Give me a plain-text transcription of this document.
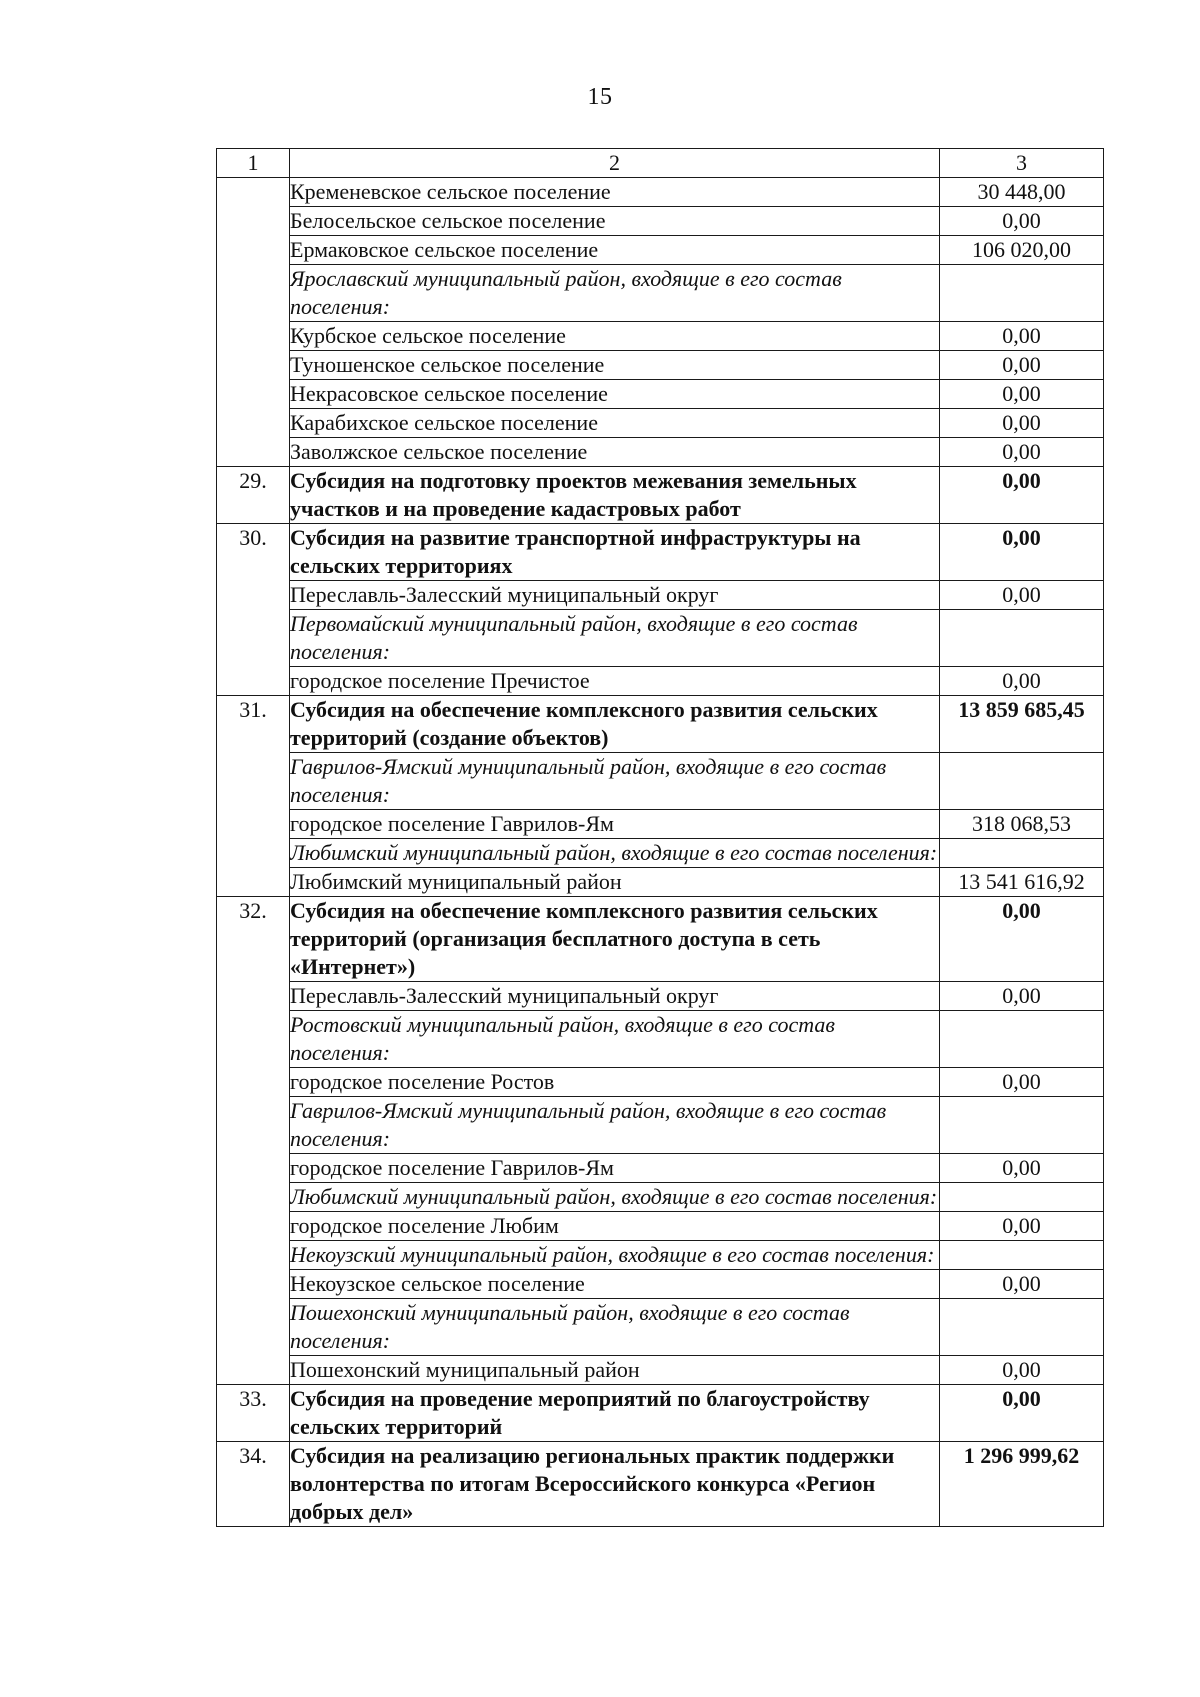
15
1	2	3
	Кременевское сельское поселение	30 448,00
	Белосельское сельское поселение	0,00
	Ермаковское сельское поселение	106 020,00
	Ярославский муниципальный район, входящие в его состав поселения:	
	Курбское сельское поселение	0,00
	Туношенское сельское поселение	0,00
	Некрасовское сельское поселение	0,00
	Карабихское сельское поселение	0,00
	Заволжское сельское поселение	0,00
29.	Субсидия на подготовку проектов межевания земельных участков и на проведение кадастровых работ	0,00
30.	Субсидия на развитие транспортной инфраструктуры на сельских территориях	0,00
	Переславль-Залесский муниципальный округ	0,00
	Первомайский муниципальный район, входящие в его состав поселения:	
	городское поселение Пречистое	0,00
31.	Субсидия на обеспечение комплексного развития сельских территорий (создание объектов)	13 859 685,45
	Гаврилов-Ямский муниципальный район, входящие в его состав поселения:	
	городское поселение Гаврилов-Ям	318 068,53
	Любимский муниципальный район, входящие в его состав поселения:	
	Любимский муниципальный район	13 541 616,92
32.	Субсидия на обеспечение комплексного развития сельских территорий (организация бесплатного доступа в сеть «Интернет»)	0,00
	Переславль-Залесский муниципальный округ	0,00
	Ростовский муниципальный район, входящие в его состав поселения:	
	городское поселение Ростов	0,00
	Гаврилов-Ямский муниципальный район, входящие в его состав поселения:	
	городское поселение Гаврилов-Ям	0,00
	Любимский муниципальный район, входящие в его состав поселения:	
	городское поселение Любим	0,00
	Некоузский муниципальный район, входящие в его состав поселения:	
	Некоузское сельское поселение	0,00
	Пошехонский муниципальный район, входящие в его состав поселения:	
	Пошехонский муниципальный район	0,00
33.	Субсидия на проведение мероприятий по благоустройству сельских территорий	0,00
34.	Субсидия на реализацию региональных практик поддержки волонтерства по итогам Всероссийского конкурса «Регион добрых дел»	1 296 999,62
